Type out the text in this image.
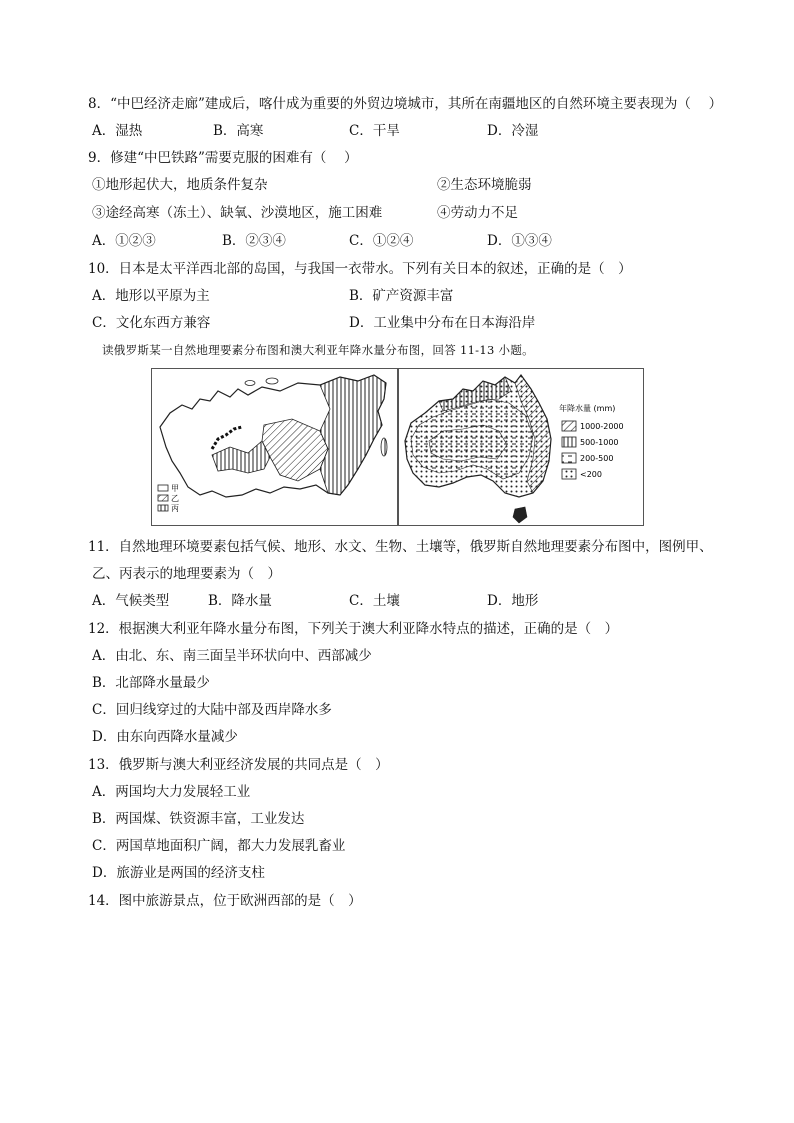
8．“中巴经济走廊”建成后，喀什成为重要的外贸边境城市，其所在南疆地区的自然环境主要表现为（　 ）
A．湿热	B．高寒	C．干旱	D．冷湿
9．修建“中巴铁路”需要克服的困难有（　 ）
①地形起伏大，地质条件复杂	②生态环境脆弱
③途经高寒（冻土）、缺氧、沙漠地区，施工困难	④劳动力不足
A．①②③	B．②③④	C．①②④	D．①③④
10．日本是太平洋西北部的岛国，与我国一衣带水。下列有关日本的叙述，正确的是（　）
A．地形以平原为主	B．矿产资源丰富
C．文化东西方兼容	D．工业集中分布在日本海沿岸
读俄罗斯某一自然地理要素分布图和澳大利亚年降水量分布图，回答 11-13 小题。
甲
乙
丙
年降水量 (mm)
1000-2000
500-1000
200-500
<200
11．自然地理环境要素包括气候、地形、水文、生物、土壤等，俄罗斯自然地理要素分布图中，图例甲、
乙、丙表示的地理要素为（　）
A．气候类型	B．降水量	C．土壤	D．地形
12．根据澳大利亚年降水量分布图，下列关于澳大利亚降水特点的描述，正确的是（　）
A．由北、东、南三面呈半环状向中、西部减少
B．北部降水量最少
C．回归线穿过的大陆中部及西岸降水多
D．由东向西降水量减少
13．俄罗斯与澳大利亚经济发展的共同点是（　）
A．两国均大力发展轻工业
B．两国煤、铁资源丰富，工业发达
C．两国草地面积广阔，都大力发展乳畜业
D．旅游业是两国的经济支柱
14．图中旅游景点，位于欧洲西部的是（　）
